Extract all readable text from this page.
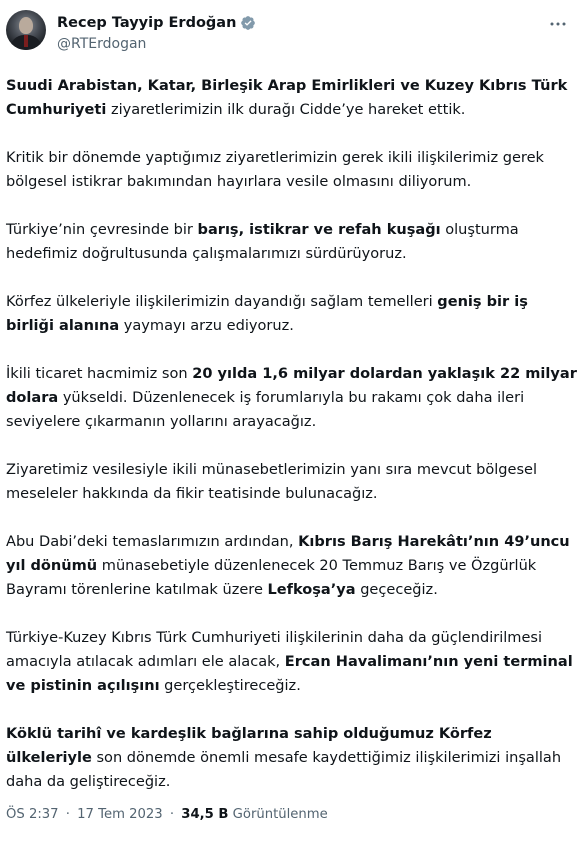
Recep Tayyip Erdoğan
@RTErdogan

Suudi Arabistan, Katar, Birleşik Arap Emirlikleri ve Kuzey Kıbrıs Türk Cumhuriyeti ziyaretlerimizin ilk durağı Cidde’ye hareket ettik.

Kritik bir dönemde yaptığımız ziyaretlerimizin gerek ikili ilişkilerimiz gerek bölgesel istikrar bakımından hayırlara vesile olmasını diliyorum.

Türkiye’nin çevresinde bir barış, istikrar ve refah kuşağı oluşturma hedefimiz doğrultusunda çalışmalarımızı sürdürüyoruz.

Körfez ülkeleriyle ilişkilerimizin dayandığı sağlam temelleri geniş bir iş birliği alanına yaymayı arzu ediyoruz.

İkili ticaret hacmimiz son 20 yılda 1,6 milyar dolardan yaklaşık 22 milyar dolara yükseldi. Düzenlenecek iş forumlarıyla bu rakamı çok daha ileri seviyelere çıkarmanın yollarını arayacağız.

Ziyaretimiz vesilesiyle ikili münasebetlerimizin yanı sıra mevcut bölgesel meseleler hakkında da fikir teatisinde bulunacağız.

Abu Dabi’deki temaslarımızın ardından, Kıbrıs Barış Harekâtı’nın 49’uncu yıl dönümü münasebetiyle düzenlenecek 20 Temmuz Barış ve Özgürlük Bayramı törenlerine katılmak üzere Lefkoşa’ya geçeceğiz.

Türkiye-Kuzey Kıbrıs Türk Cumhuriyeti ilişkilerinin daha da güçlendirilmesi amacıyla atılacak adımları ele alacak, Ercan Havalimanı’nın yeni terminal ve pistinin açılışını gerçekleştireceğiz.

Köklü tarihî ve kardeşlik bağlarına sahip olduğumuz Körfez ülkeleriyle son dönemde önemli mesafe kaydettiğimiz ilişkilerimizi inşallah daha da geliştireceğiz.

ÖS 2:37 · 17 Tem 2023 · 34,5 B Görüntülenme
